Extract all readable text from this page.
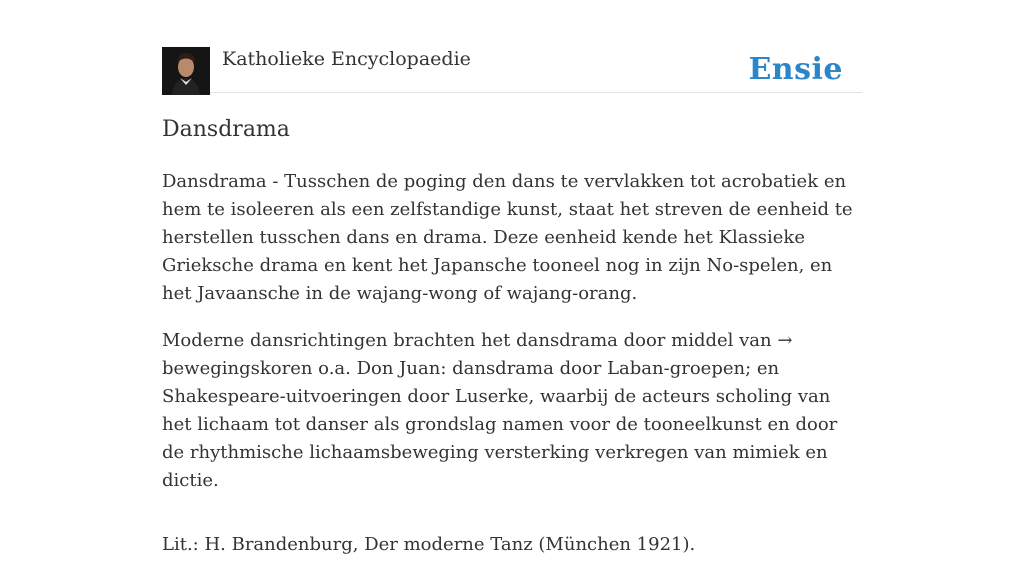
Katholieke Encyclopaedie	Ensie
Dansdrama

Dansdrama - Tusschen de poging den dans te vervlakken tot acrobatiek en hem te isoleeren als een zelfstandige kunst, staat het streven de eenheid te herstellen tusschen dans en drama. Deze eenheid kende het Klassieke Grieksche drama en kent het Japansche tooneel nog in zijn No-spelen, en het Javaansche in de wajang-wong of wajang-orang.

Moderne dansrichtingen brachten het dansdrama door middel van → bewegingskoren o.a. Don Juan: dansdrama door Laban-groepen; en Shakespeare-uitvoeringen door Luserke, waarbij de acteurs scholing van het lichaam tot danser als grondslag namen voor de tooneelkunst en door de rhythmische lichaamsbeweging versterking verkregen van mimiek en dictie.

Lit.: H. Brandenburg, Der moderne Tanz (München 1921).
